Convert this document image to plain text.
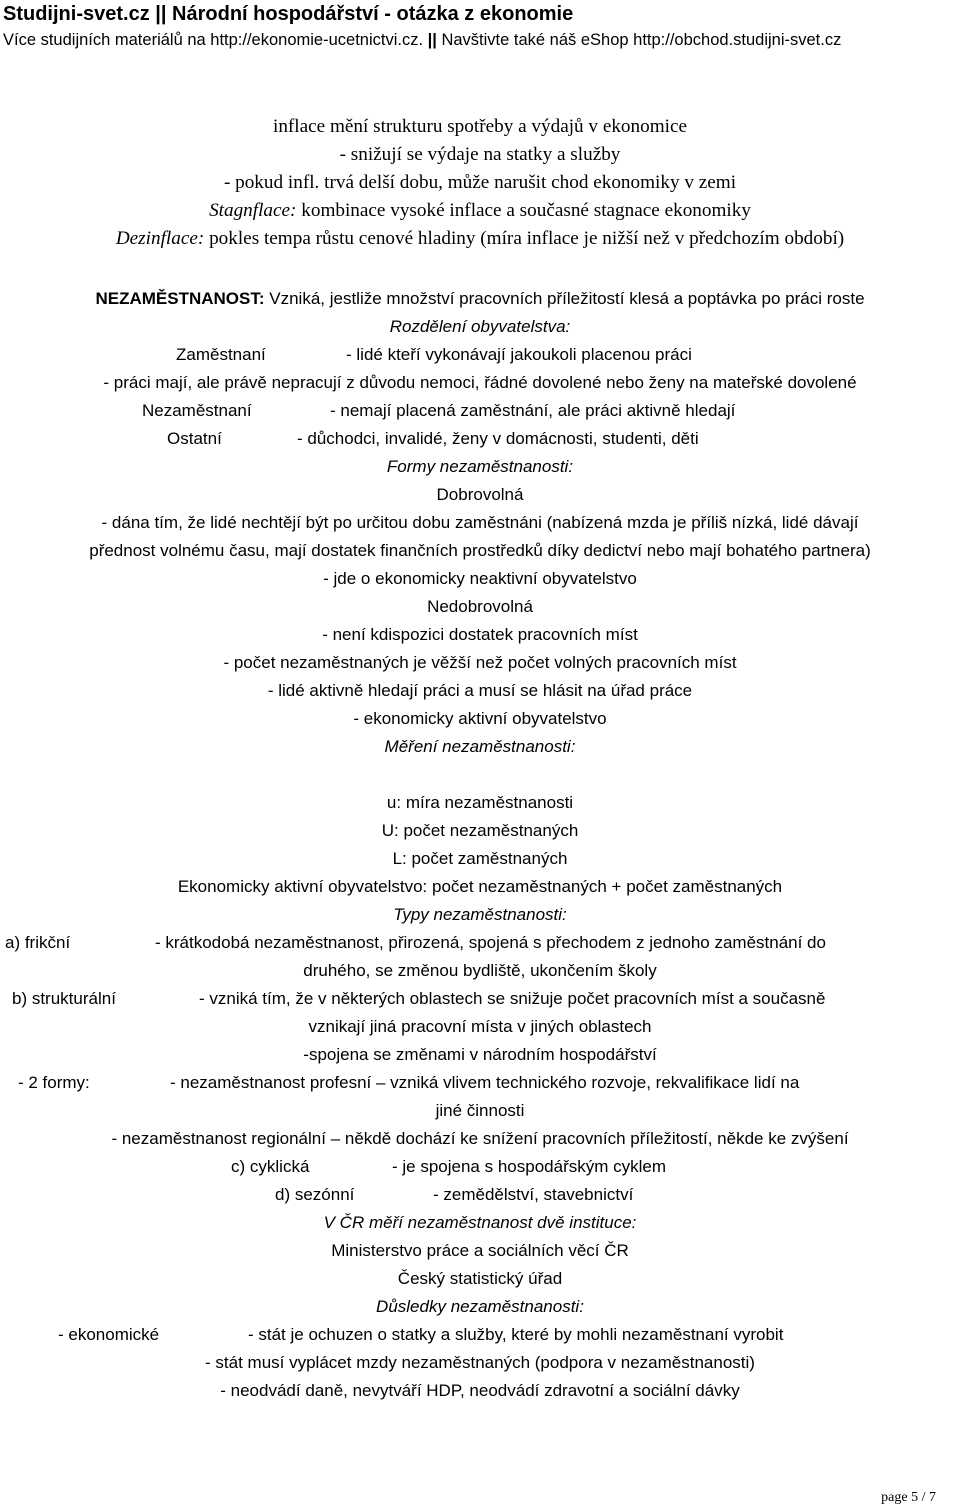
Studijni-svet.cz || Národní hospodářství - otázka z ekonomie
Více studijních materiálů na http://ekonomie-ucetnictvi.cz. || Navštivte také náš eShop http://obchod.studijni-svet.cz
inflace mění strukturu spotřeby a výdajů v ekonomice
- snižují se výdaje na statky a služby
- pokud infl. trvá delší dobu, může narušit chod ekonomiky v zemi
Stagnflace: kombinace vysoké inflace a současné stagnace ekonomiky
Dezinflace: pokles tempa růstu cenové hladiny (míra inflace je nižší než v předchozím období)
NEZAMĚSTNANOST: Vzniká, jestliže množství pracovních příležitostí klesá a poptávka po práci roste
Rozdělení obyvatelstva:
Zaměstnaní	- lidé kteří vykonávají jakoukoli placenou práci
- práci mají, ale právě nepracují z důvodu nemoci, řádné dovolené nebo ženy na mateřské dovolené
Nezaměstnaní	- nemají placená zaměstnání, ale práci aktivně hledají
Ostatní	- důchodci, invalidé, ženy v domácnosti, studenti, děti
Formy nezaměstnanosti:
Dobrovolná
- dána tím, že lidé nechtějí být po určitou dobu zaměstnáni (nabízená mzda je příliš nízká, lidé dávají
přednost volnému času, mají dostatek finančních prostředků díky dedictví nebo mají bohatého partnera)
- jde o ekonomicky neaktivní obyvatelstvo
Nedobrovolná
- není kdispozici dostatek pracovních míst
- počet nezaměstnaných je věžší než počet volných pracovních míst
- lidé aktivně hledají práci a musí se hlásit na úřad práce
- ekonomicky aktivní obyvatelstvo
Měření nezaměstnanosti:
u: míra nezaměstnanosti
U: počet nezaměstnaných
L: počet zaměstnaných
Ekonomicky aktivní obyvatelstvo: počet nezaměstnaných + počet zaměstnaných
Typy nezaměstnanosti:
a) frikční	- krátkodobá nezaměstnanost, přirozená, spojená s přechodem z jednoho zaměstnání do
druhého, se změnou bydliště, ukončením školy
b) strukturální	- vzniká tím, že v některých oblastech se snižuje počet pracovních míst a současně
vznikají jiná pracovní místa v jiných oblastech
-spojena se změnami v národním hospodářství
- 2 formy:	- nezaměstnanost profesní – vzniká vlivem technického rozvoje, rekvalifikace lidí na
jiné činnosti
- nezaměstnanost regionální – někdě dochází ke snížení pracovních příležitostí, někde ke zvýšení
c) cyklická	- je spojena s hospodářským cyklem
d) sezónní	- zemědělství, stavebnictví
V ČR měří nezaměstnanost dvě instituce:
Ministerstvo práce a sociálních věcí ČR
Český statistický úřad
Důsledky nezaměstnanosti:
- ekonomické	- stát je ochuzen o statky a služby, které by mohli nezaměstnaní vyrobit
- stát musí vyplácet mzdy nezaměstnaných (podpora v nezaměstnanosti)
- neodvádí daně, nevytváří HDP, neodvádí zdravotní a sociální dávky
page 5 / 7
